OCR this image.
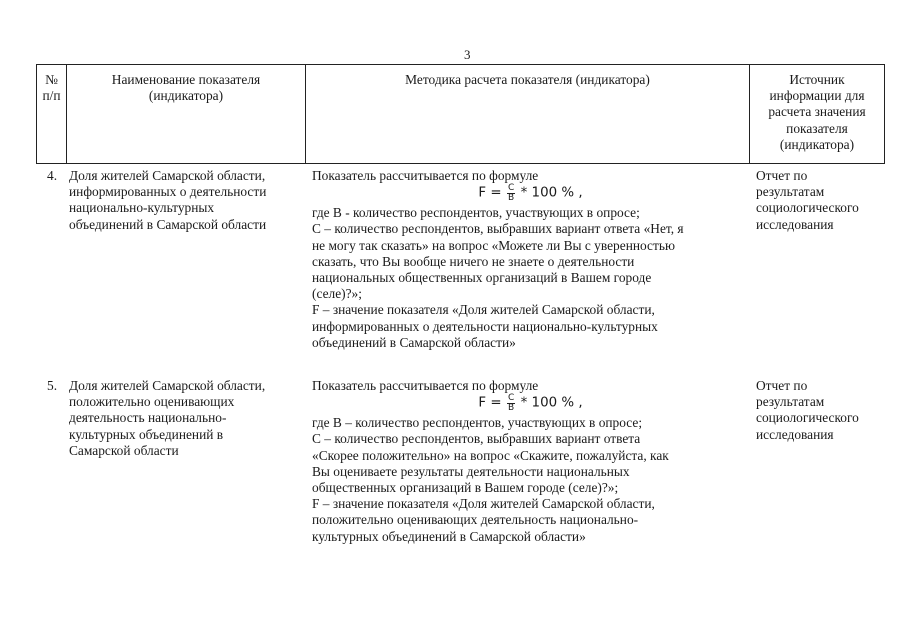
3
№
п/п
Наименование показателя
(индикатора)
Методика расчета показателя (индикатора)	Источник
информации для
расчета значения
показателя
(индикатора)
4. Доля жителей Самарской области,
информированных о деятельности
национально-культурных
объединений в Самарской области
Показатель рассчитывается по формуле
$F = \frac{C}{B} * 100$ % ,
где В - количество респондентов, участвующих в опросе;
С – количество респондентов, выбравших вариант ответа «Нет, я
не могу так сказать» на вопрос «Можете ли Вы с уверенностью
сказать, что Вы вообще ничего не знаете о деятельности
национальных общественных организаций в Вашем городе
(селе)?»;
F – значение показателя «Доля жителей Самарской области,
информированных о деятельности национально-культурных
объединений в Самарской области»
Отчет по
результатам
социологического
исследования
5. Доля жителей Самарской области,
положительно оценивающих
деятельность национально-
культурных объединений в
Самарской области
Показатель рассчитывается по формуле
$F = \frac{C}{B} * 100$ % ,
где В – количество респондентов, участвующих в опросе;
С – количество респондентов, выбравших вариант ответа
«Скорее положительно» на вопрос «Скажите, пожалуйста, как
Вы оцениваете результаты деятельности национальных
общественных организаций в Вашем городе (селе)?»;
F – значение показателя «Доля жителей Самарской области,
положительно оценивающих деятельность национально-
культурных объединений в Самарской области»
Отчет по
результатам
социологического
исследования
